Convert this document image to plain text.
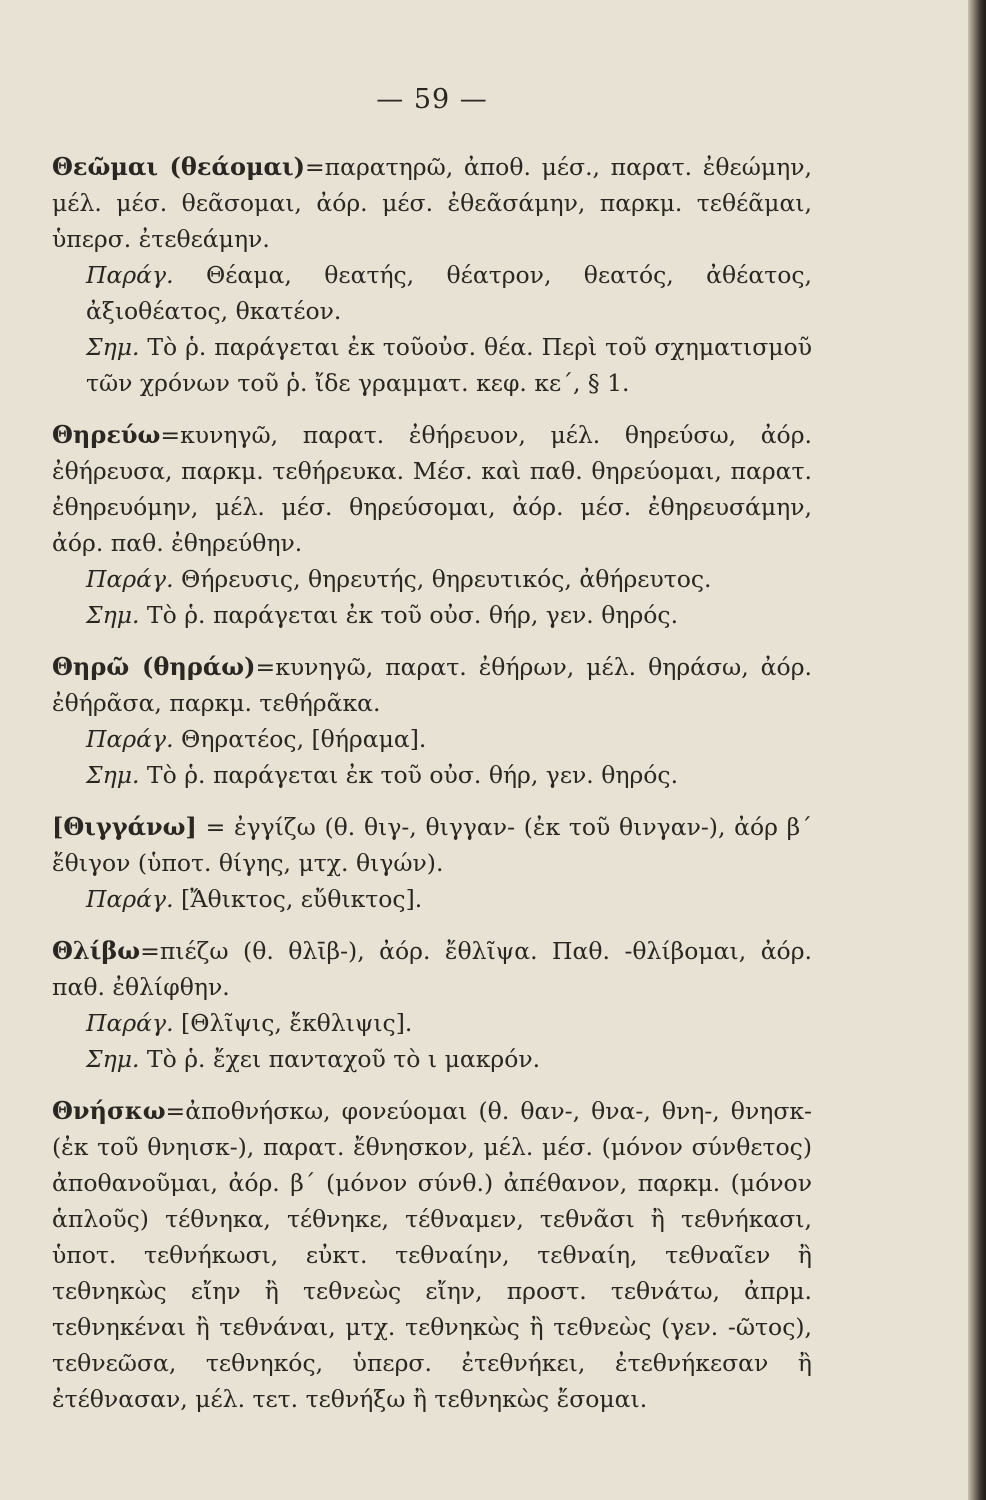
— 59 —

Θεῶμαι (θεάομαι)=παρατηρῶ, ἀποθ. μέσ., παρατ. ἐθεώμην, μέλ. μέσ. θεᾶσομαι, ἀόρ. μέσ. ἐθεᾶσάμην, παρκμ. τεθέᾶμαι, ὑπερσ. ἐτεθεάμην.

Παράγ. Θέαμα, θεατής, θέατρον, θεατός, ἀθέατος, ἀξιοθέατος, θκατέον.

Σημ. Τὸ ῥ. παράγεται ἐκ τοῦοὐσ. θέα. Περὶ τοῦ σχηματισμοῦ τῶν χρόνων τοῦ ῥ. ἴδε γραμματ. κεφ. κε΄, § 1.

Θηρεύω=κυνηγῶ, παρατ. ἐθήρευον, μέλ. θηρεύσω, ἀόρ. ἐθήρευσα, παρκμ. τεθήρευκα. Μέσ. καὶ παθ. θηρεύομαι, παρατ. ἐθηρευόμην, μέλ. μέσ. θηρεύσομαι, ἀόρ. μέσ. ἐθηρευσάμην, ἀόρ. παθ. ἐθηρεύθην.

Παράγ. Θήρευσις, θηρευτής, θηρευτικός, ἀθήρευτος.

Σημ. Τὸ ῥ. παράγεται ἐκ τοῦ οὐσ. θήρ, γεν. θηρός.

Θηρῶ (θηράω)=κυνηγῶ, παρατ. ἐθήρων, μέλ. θηράσω, ἀόρ. ἐθήρᾶσα, παρκμ. τεθήρᾶκα.

Παράγ. Θηρατέος, [θήραμα].

Σημ. Τὸ ῥ. παράγεται ἐκ τοῦ οὐσ. θήρ, γεν. θηρός.

[Θιγγάνω] = ἐγγίζω (θ. θιγ-, θιγγαν- (ἐκ τοῦ θινγαν-), ἀόρ β΄ ἔθιγον (ὑποτ. θίγης, μτχ. θιγών).

Παράγ. [Ἄθικτος, εὔθικτος].

Θλίβω=πιέζω (θ. θλῑβ-), ἀόρ. ἔθλῖψα. Παθ. -θλίβομαι, ἀόρ. παθ. ἐθλίφθην.

Παράγ. [Θλῖψις, ἔκθλιψις].

Σημ. Τὸ ῥ. ἔχει πανταχοῦ τὸ ι μακρόν.

Θνήσκω=ἀποθνήσκω, φονεύομαι (θ. θαν-, θνα-, θνη-, θνησκ- (ἐκ τοῦ θνηισκ-), παρατ. ἔθνησκον, μέλ. μέσ. (μόνον σύνθετος) ἀποθανοῦμαι, ἀόρ. β΄ (μόνον σύνθ.) ἀπέθανον, παρκμ. (μόνον ἁπλοῦς) τέθνηκα, τέθνηκε, τέθναμεν, τεθνᾶσι ἢ τεθνήκασι, ὑποτ. τεθνήκωσι, εὐκτ. τεθναίην, τεθναίη, τεθναῖεν ἢ τεθνηκὼς εἴην ἢ τεθνεὼς εἴην, προστ. τεθνάτω, ἀπρμ. τεθνηκέναι ἢ τεθνάναι, μτχ. τεθνηκὼς ἢ τεθνεὼς (γεν. -ῶτος), τεθνεῶσα, τεθνηκός, ὑπερσ. ἐτεθνήκει, ἐτεθνήκεσαν ἢ ἐτέθνασαν, μέλ. τετ. τεθνήξω ἢ τεθνηκὼς ἔσομαι.
